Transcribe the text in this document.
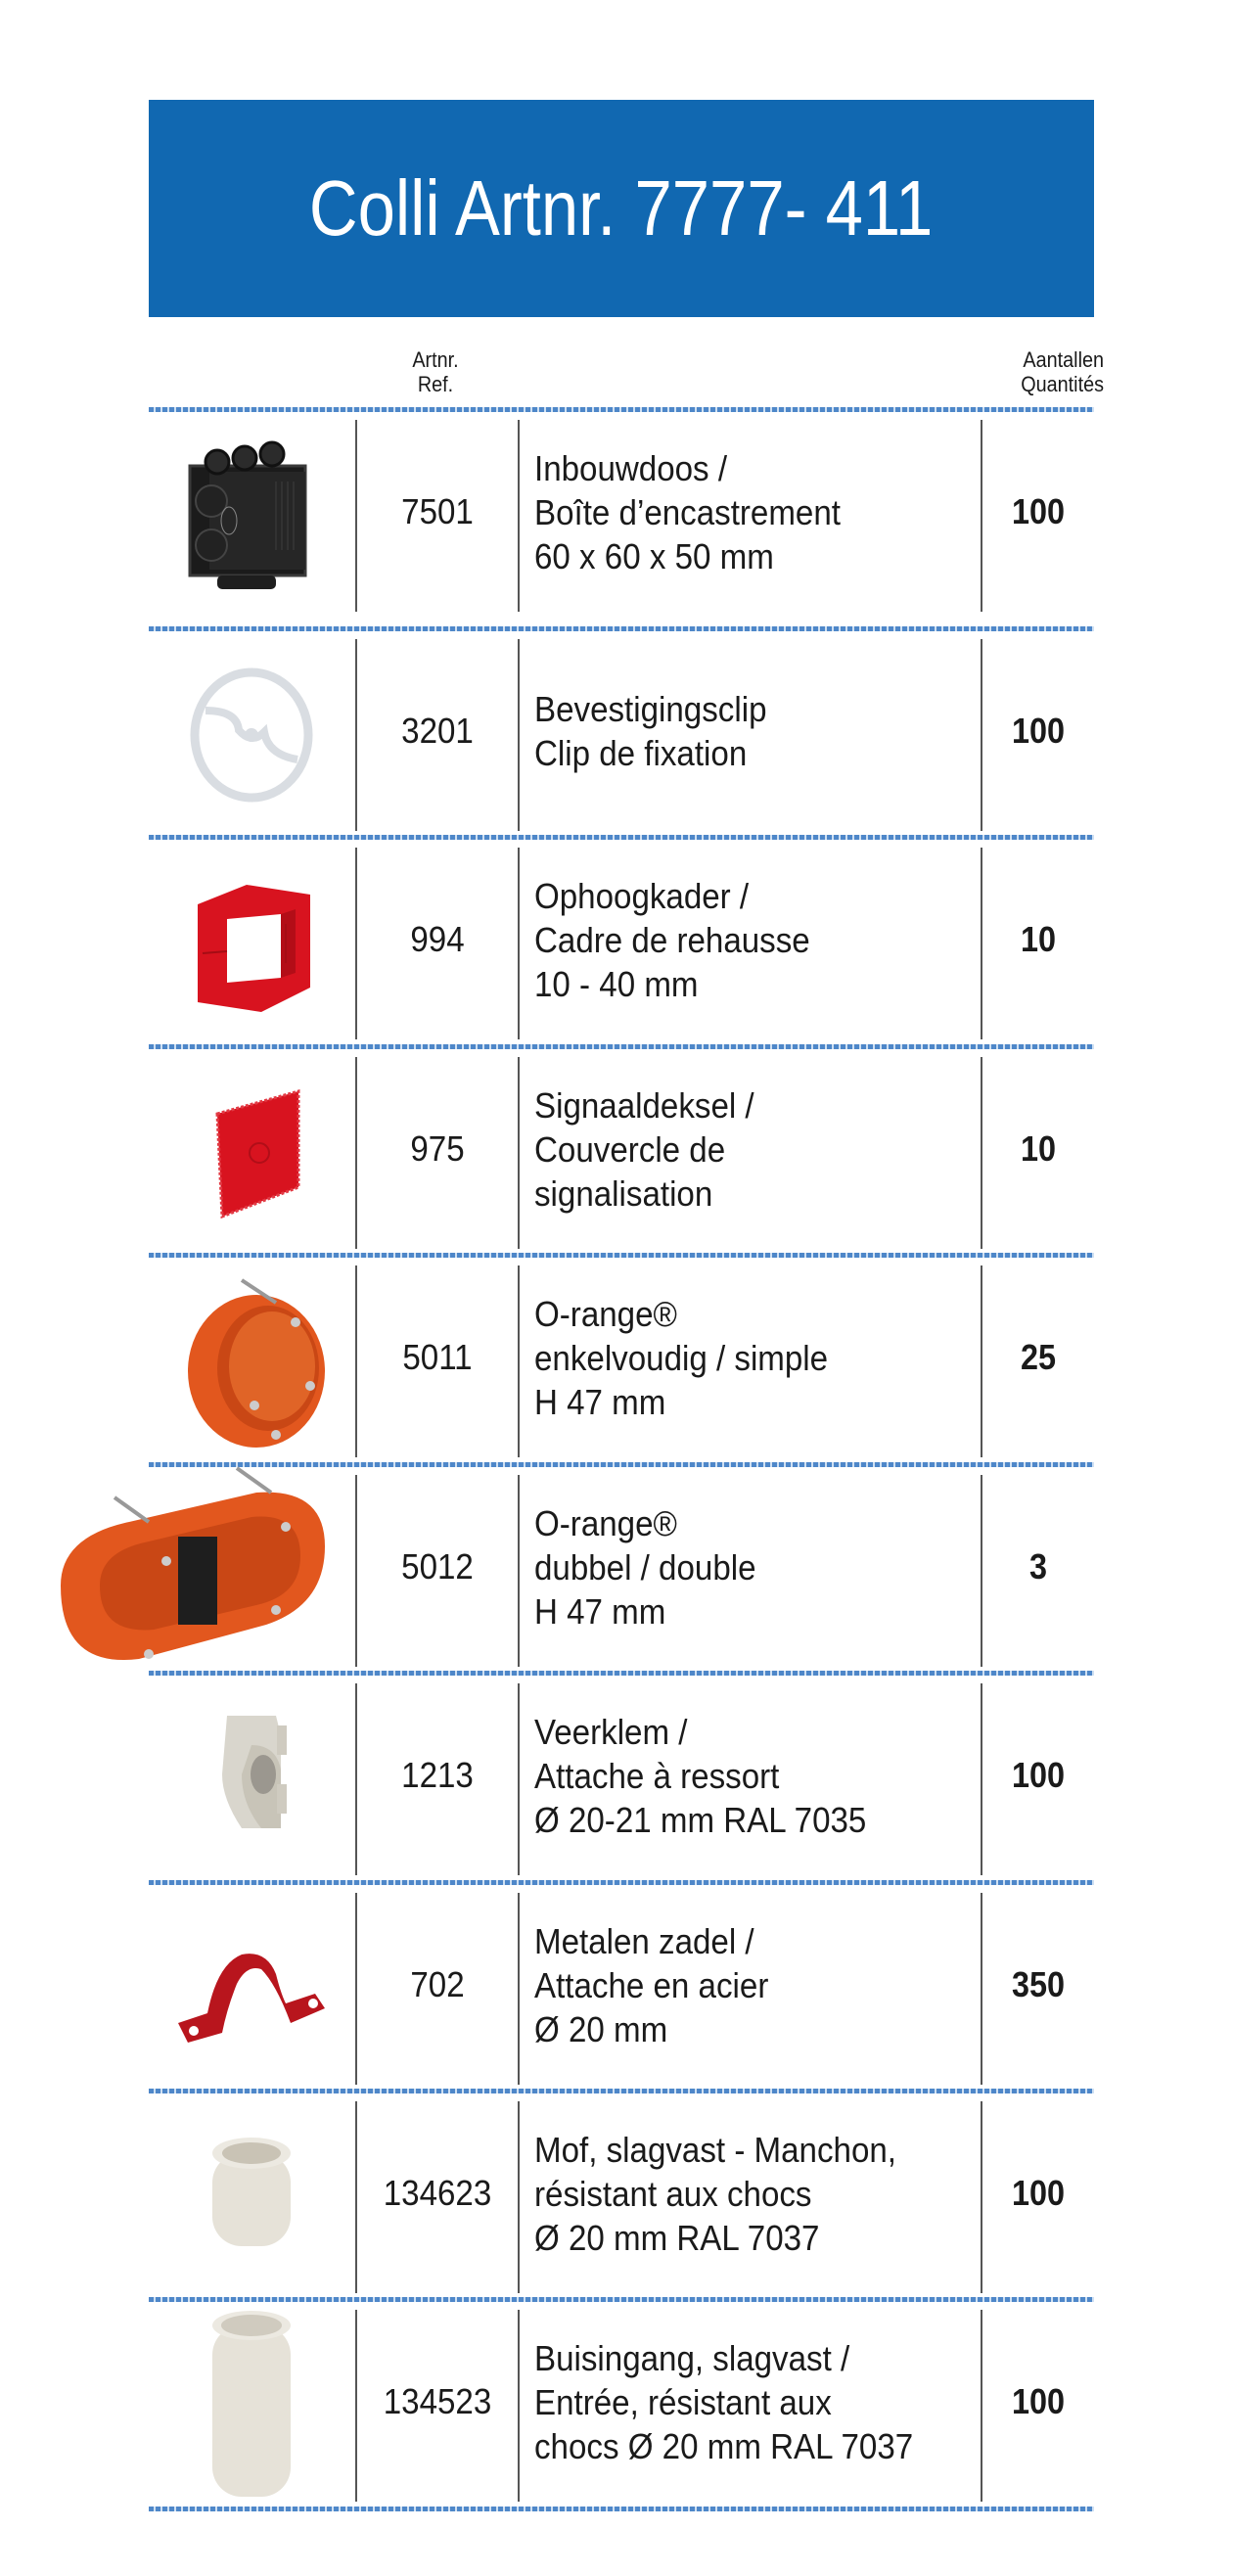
Colli Artnr. 7777- 411
Artnr.
Ref.
Aantallen
Quantités
7501
Inbouwdoos /
Boîte d’encastrement
60 x 60 x 50 mm
100
3201
Bevestigingsclip
Clip de fixation
100
994
Ophoogkader /
Cadre de rehausse
10 - 40 mm
10
975
Signaaldeksel /
Couvercle de
signalisation
10
5011
O-range®
enkelvoudig / simple
H 47 mm
25
5012
O-range®
dubbel / double
H 47 mm
3
1213
Veerklem /
Attache à ressort
Ø 20-21 mm RAL 7035
100
702
Metalen zadel /
Attache en acier
Ø 20 mm
350
134623
Mof, slagvast - Manchon,
résistant aux chocs
Ø 20 mm RAL 7037
100
134523
Buisingang, slagvast /
Entrée, résistant aux
chocs Ø 20 mm RAL 7037
100
